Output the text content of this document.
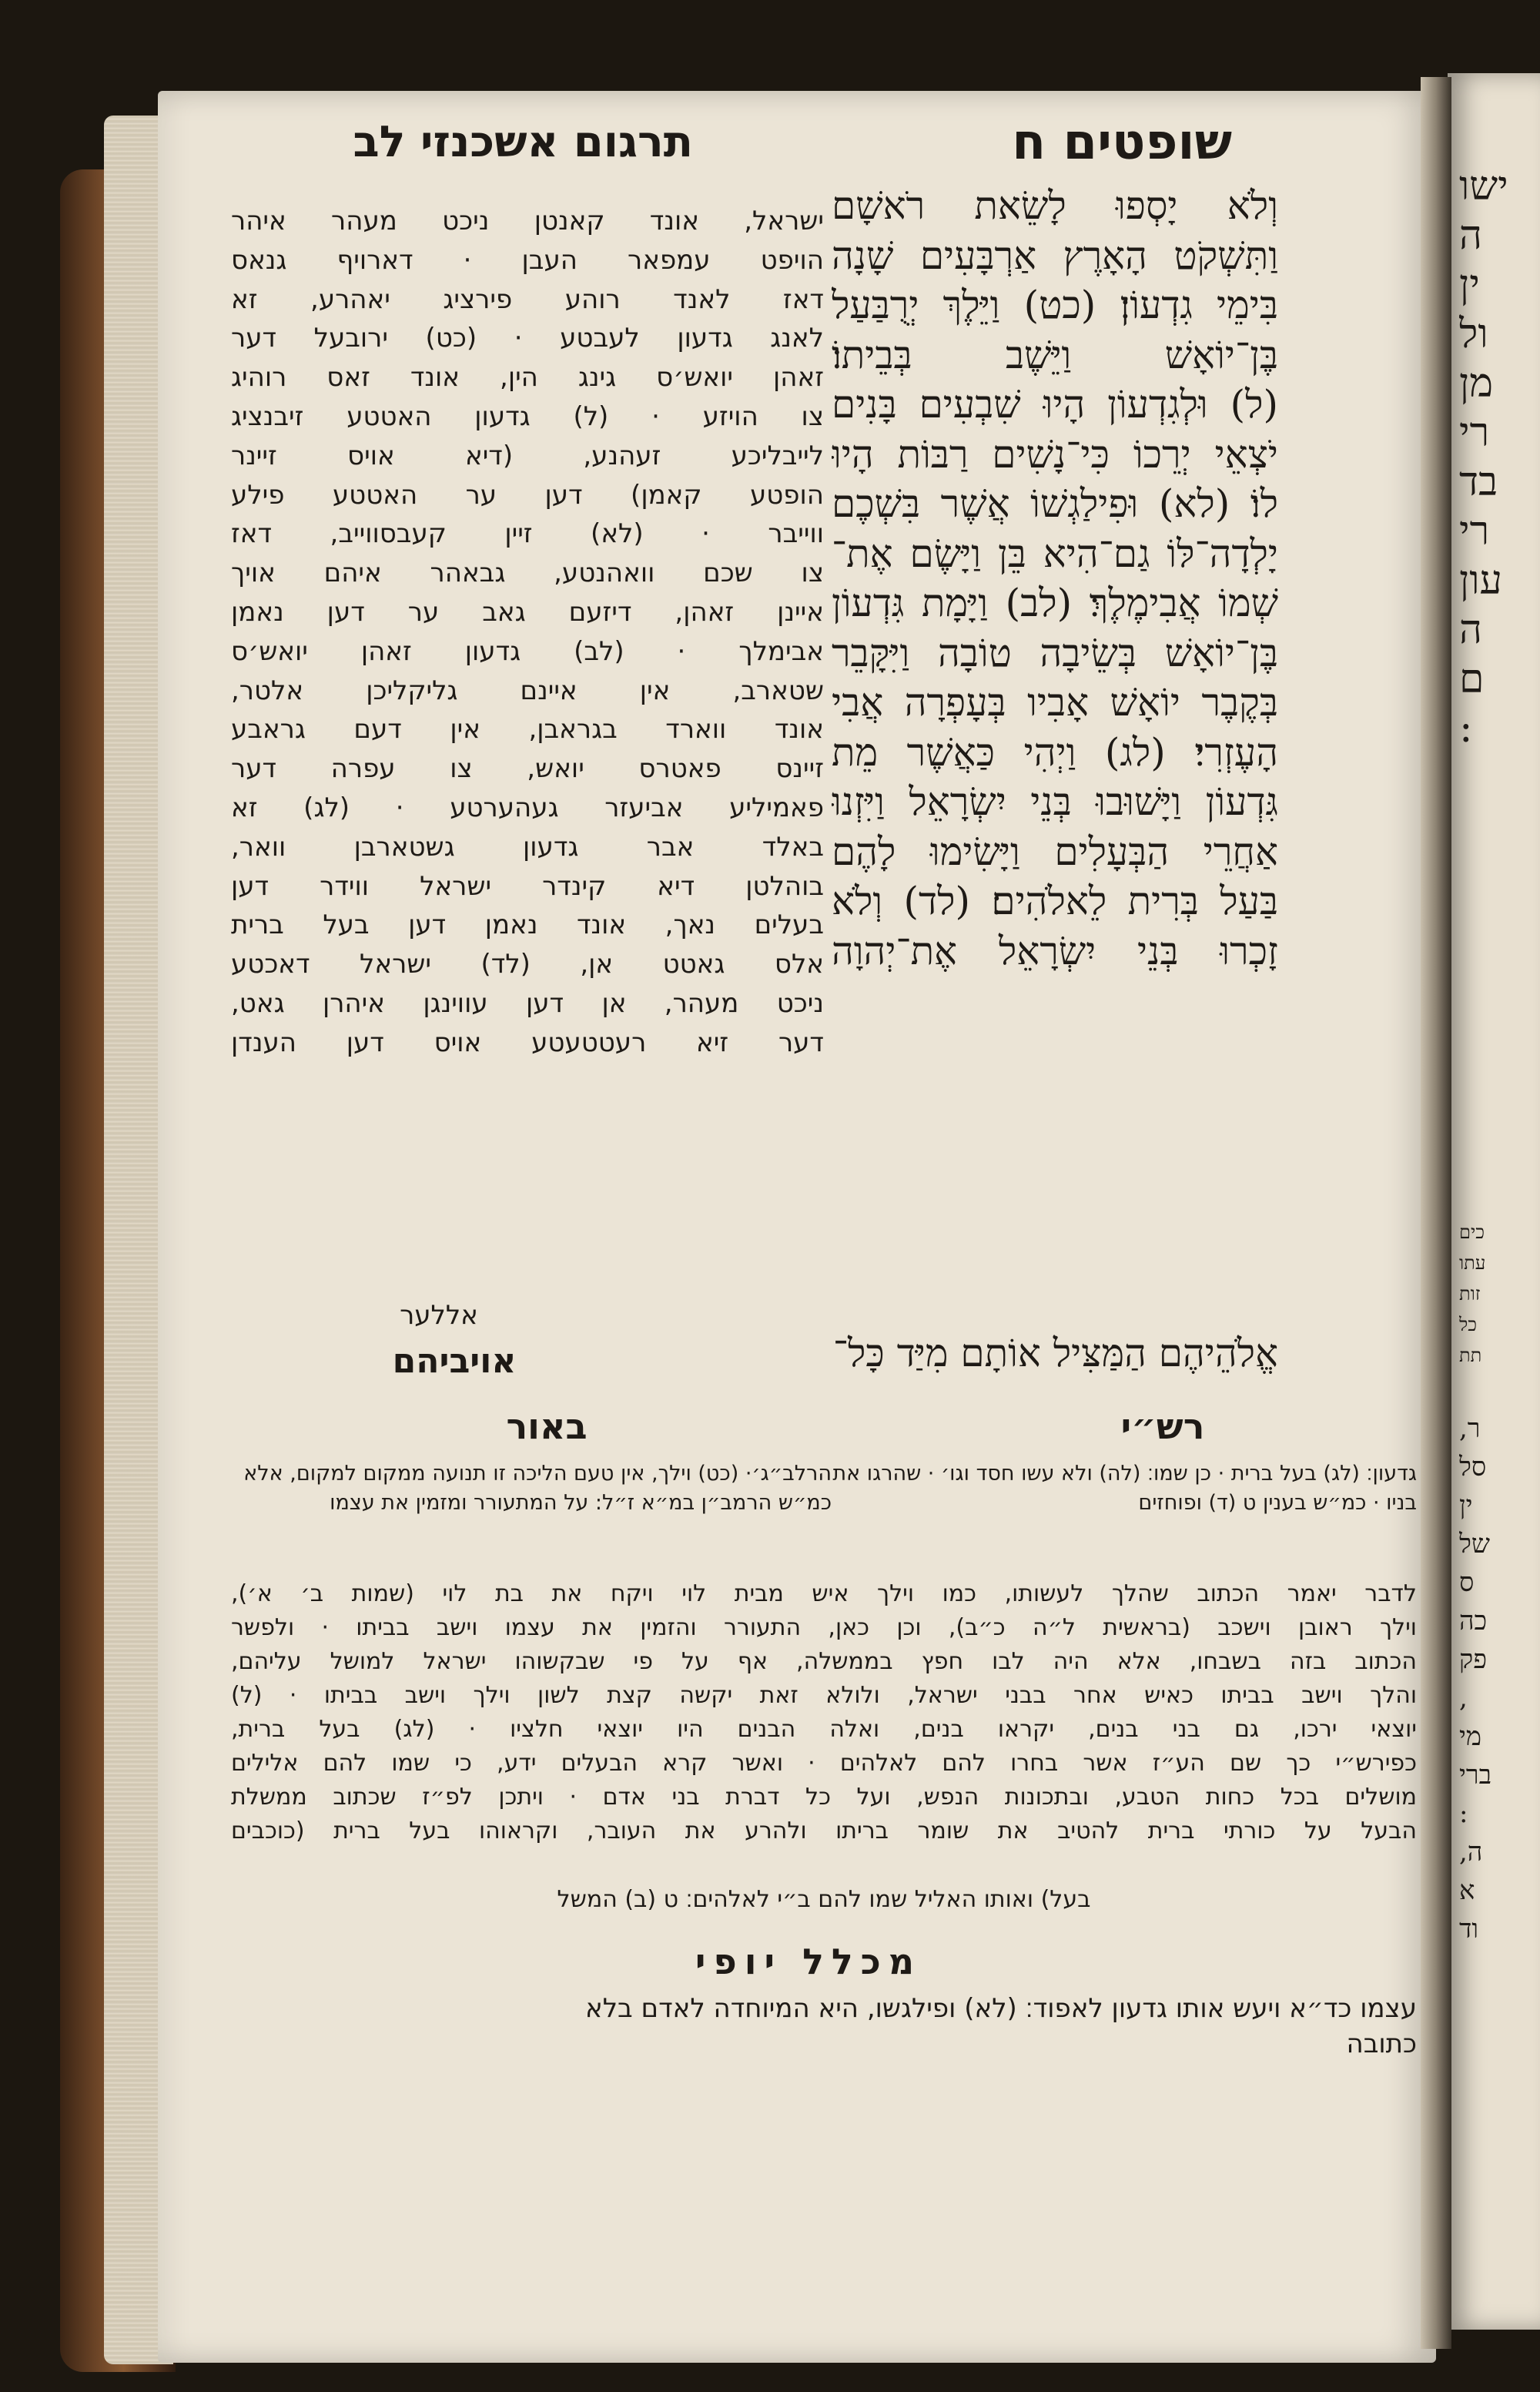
שופטים ח
תרגום אשכנזי לב
וְלֹא יָסְפוּ לָשֵׂאת רֹאשָׁם
וַתִּשְׁקֹט הָאָרֶץ אַרְבָּעִים שָׁנָה
בִּימֵי גִדְעוֹן׃ (כט) וַיֵּלֶךְ יְרֻבַּעַל
בֶּן־יוֹאָשׁ וַיֵּשֶׁב בְּבֵיתוֹ׃
(ל) וּלְגִדְעוֹן הָיוּ שִׁבְעִים בָּנִים
יֹצְאֵי יְרֵכוֹ כִּי־נָשִׁים רַבּוֹת הָיוּ
לוֹ׃ (לא) וּפִילַגְשׁוֹ אֲשֶׁר בִּשְׁכֶם
יָלְדָה־לּוֹ גַם־הִיא בֵּן וַיָּשֶׂם אֶת־
שְׁמוֹ אֲבִימֶלֶךְ׃ (לב) וַיָּמָת גִּדְעוֹן
בֶּן־יוֹאָשׁ בְּשֵׂיבָה טוֹבָה וַיִּקָּבֵר
בְּקֶבֶר יוֹאָשׁ אָבִיו בְּעָפְרָה אֲבִי
הָעֶזְרִי׃ (לג) וַיְהִי כַּאֲשֶׁר מֵת
גִּדְעוֹן וַיָּשׁוּבוּ בְּנֵי יִשְׂרָאֵל וַיִּזְנוּ
אַחֲרֵי הַבְּעָלִים וַיָּשִׂימוּ לָהֶם
בַּעַל בְּרִית לֵאלֹהִים׃ (לד) וְלֹא
זָכְרוּ בְּנֵי יִשְׂרָאֵל אֶת־יְהוָה
ישראל, אונד קאנטן ניכט מעהר איהר
הויפט עמפאר העבן · דארויף גנאס
דאז לאנד רוהע פירציג יאהרע, זא
לאנג גדעון לעבטע · (כט) ירובעל דער
זאהן יואש׳ס גינג הין, אונד זאס רוהיג
צו הויזע · (ל) גדעון האטטע זיבנציג
לייבליכע זעהנע, (דיא אויס זיינר
הופטע קאמן) דען ער האטטע פילע
ווייבר · (לא) זיין קעבסווייב, דאז
צו שכם וואהנטע, גבאהר איהם אויך
איינן זאהן, דיזעם גאב ער דען נאמן
אבימלך · (לב) גדעון זאהן יואש׳ס
שטארב, אין איינם גליקליכן אלטר,
אונד ווארד בגראבן, אין דעם גראבע
זיינס פאטרס יואש, צו עפרה דער
פאמיליע אביעזר געהערטע · (לג) זא
באלד אבר גדעון גשטארבן וואר,
בוהלטן דיא קינדר ישראל ווידר דען
בעלים נאך, אונד נאמן דען בעל ברית
אלס גאטט אן, (לד) ישראל דאכטע
ניכט מעהר, אן דען עווינגן איהרן גאט,
דער זיא רעטטעטע אויס דען הענדן
אללער
אֱלֹהֵיהֶם הַמַּצִּיל אוֹתָם מִיַּד כָּל־
אויביהם
רש״י
באור
גדעון׃ (לג) בעל ברית · כן שמו׃ (לה) ולא עשו חסד וגו׳ · שהרגו את בניו · כמ״ש בענין ט (ד) ופוחזים
הרלב״ג׳· (כט) וילך, אין טעם הליכה זו תנועה ממקום למקום, אלא כמ״ש הרמב״ן במ״א ז״ל: על המתעורר ומזמין את עצמו
לדבר יאמר הכתוב שהלך לעשותו, כמו וילך איש מבית לוי ויקח את בת לוי (שמות ב׳ א׳),
וילך ראובן וישכב (בראשית ל״ה כ״ב), וכן כאן, התעורר והזמין את עצמו וישב בביתו · ולפשר
הכתוב בזה בשבחו, אלא היה לבו חפץ בממשלה, אף על פי שבקשוהו ישראל למושל עליהם,
והלך וישב בביתו כאיש אחר בבני ישראל, ולולא זאת יקשה קצת לשון וילך וישב בביתו · (ל)
יוצאי ירכו, גם בני בנים, יקראו בנים, ואלה הבנים היו יוצאי חלציו · (לג) בעל ברית,
כפירש״י כך שם הע״ז אשר בחרו להם לאלהים · ואשר קרא הבעלים ידע, כי שמו להם אלילים
מושלים בכל כחות הטבע, ובתכונות הנפש, ועל כל דברת בני אדם · ויתכן לפ״ז שכתוב ממשלת
הבעל על כורתי ברית להטיב את שומר בריתו ולהרע את העובר, וקראוהו בעל ברית (כוכבים
בעל) ואותו האליל שמו להם ב״י לאלהים׃ ט (ב) המשל
מכלל יופי
עצמו כד״א ויעש אותו גדעון לאפוד׃ (לא) ופילגשו, היא המיוחדה לאדם בלא
כתובה
ישו
ה
ין
ול
מן
רי
בד
רי
עון
ה
ם
:
כים
עתו
זות
כל
תת
ר,
סל
ין
של
ס
כה
פק
,
מי
ברי
:
ה,
א
וד
